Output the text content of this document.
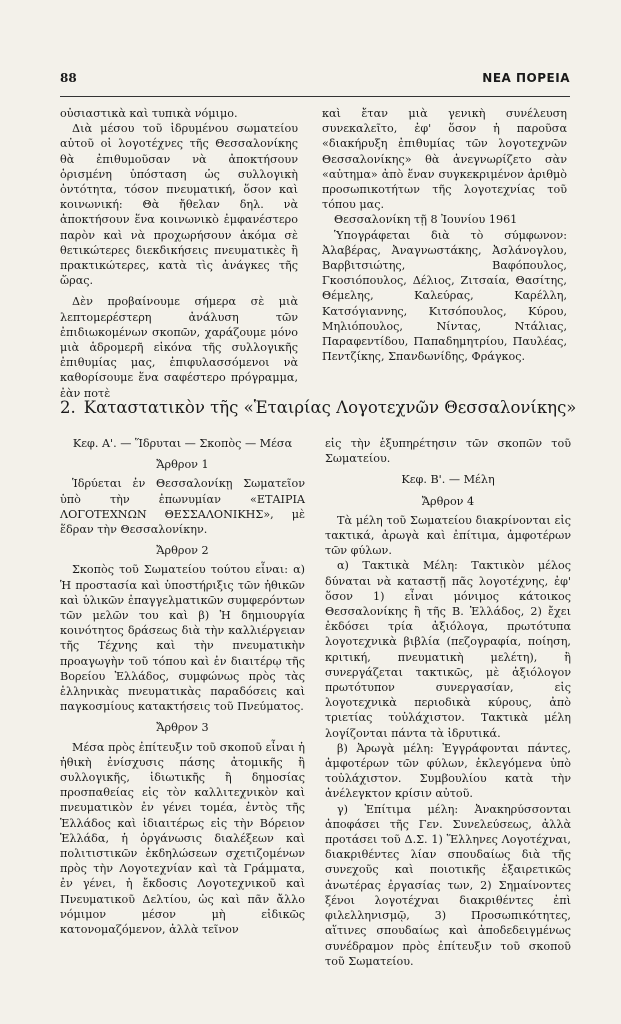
88	ΝΕΑ ΠΟΡΕΙΑ

οὐσιαστικὰ καὶ τυπικὰ νόμιμο.

Διὰ μέσου τοῦ ἱδρυμένου σωματείου αὐτοῦ οἱ λογοτέχνες τῆς Θεσσαλονίκης θὰ ἐπιθυμοῦσαν νὰ ἀποκτήσουν ὁρισμένη ὑπόσταση ὡς συλλογικὴ ὀντότητα, τόσον πνευματική, ὅσον καὶ κοινωνική: Θὰ ἤθελαν δηλ. νὰ ἀποκτήσουν ἕνα κοινωνικὸ ἐμφανέστερο παρὸν καὶ νὰ προχωρήσουν ἀκόμα σὲ θετικώτερες διεκδικήσεις πνευματικὲς ἢ πρακτικώτερες, κατὰ τὶς ἀνάγκες τῆς ὥρας.

Δὲν προβαίνουμε σήμερα σὲ μιὰ λεπτομερέστερη ἀνάλυση τῶν ἐπιδιωκομένων σκοπῶν, χαράζουμε μόνο μιὰ ἁδρομερῆ εἰκόνα τῆς συλλογικῆς ἐπιθυμίας μας, ἐπιφυλασσόμενοι νὰ καθορίσουμε ἕνα σαφέστερο πρόγραμμα, ἐὰν ποτὲ

καὶ ἔταν μιὰ γενικὴ συνέλευση συνεκαλεῖτο, ἐφ' ὅσον ἡ παροῦσα «διακήρυξη ἐπιθυμίας τῶν λογοτεχνῶν Θεσσαλονίκης» θὰ ἀνεγνωρίζετο σὰν «αὐτημα» ἀπὸ ἕναν συγκεκριμένον ἀριθμὸ προσωπικοτήτων τῆς λογοτεχνίας τοῦ τόπου μας.

Θεσσαλονίκη τῇ 8 Ἰουνίου 1961

Ὑπογράφεται διὰ τὸ σύμφωνον: Ἀλαβέρας, Ἀναγνωστάκης, Ἀσλάνογλου, Βαρβιτσιώτης, Βαφόπουλος, Γκοσιόπουλος, Δέλιος, Ζιτσαία, Θασίτης, Θέμελης, Καλεύρας, Καρέλλη, Κατσόγιαννης, Κιτσόπουλος, Κύρου, Μηλιόπουλος, Νίντας, Ντάλιας, Παραφεντίδου, Παπαδημητρίου, Παυλέας, Πεντζίκης, Σπανδωνίδης, Φράγκος.

2. Καταστατικὸν τῆς «Ἑταιρίας Λογοτεχνῶν Θεσσαλονίκης»

Κεφ. Α'. — Ἵδρυται — Σκοπὸς — Μέσα

Ἄρθρον 1

Ἱδρύεται ἐν Θεσσαλονίκῃ Σωματεῖον ὑπὸ τὴν ἐπωνυμίαν «ΕΤΑΙΡΙΑ ΛΟΓΟΤΕΧΝΩΝ ΘΕΣΣΑΛΟΝΙΚΗΣ», μὲ ἕδραν τὴν Θεσσαλονίκην.

Ἄρθρον 2

Σκοπὸς τοῦ Σωματείου τούτου εἶναι: α) Ἡ προστασία καὶ ὑποστήριξις τῶν ἠθικῶν καὶ ὑλικῶν ἐπαγγελματικῶν συμφερόντων τῶν μελῶν του καὶ β) Ἡ δημιουργία κοινότητος δράσεως διὰ τὴν καλλιέργειαν τῆς Τέχνης καὶ τὴν πνευματικὴν προαγωγὴν τοῦ τόπου καὶ ἐν διαιτέρῳ τῆς Βορείου Ἑλλάδος, συμφώνως πρὸς τὰς ἑλληνικὰς πνευματικὰς παραδόσεις καὶ παγκοσμίους κατακτήσεις τοῦ Πνεύματος.

Ἄρθρον 3

Μέσα πρὸς ἐπίτευξιν τοῦ σκοποῦ εἶναι ἡ ἠθικὴ ἐνίσχυσις πάσης ἀτομικῆς ἢ συλλογικῆς, ἰδιωτικῆς ἢ δημοσίας προσπαθείας εἰς τὸν καλλιτεχνικὸν καὶ πνευματικὸν ἐν γένει τομέα, ἐντὸς τῆς Ἑλλάδος καὶ ἰδιαιτέρως εἰς τὴν Βόρειον Ἑλλάδα, ἡ ὀργάνωσις διαλέξεων καὶ πολιτιστικῶν ἐκδηλώσεων σχετιζομένων πρὸς τὴν Λογοτεχνίαν καὶ τὰ Γράμματα, ἐν γένει, ἡ ἔκδοσις Λογοτεχνικοῦ καὶ Πνευματικοῦ Δελτίου, ὡς καὶ πᾶν ἄλλο νόμιμον μέσον μὴ εἰδικῶς κατονομαζόμενον, ἀλλὰ τεῖνον

εἰς τὴν ἐξυπηρέτησιν τῶν σκοπῶν τοῦ Σωματείου.

Κεφ. Β'. — Μέλη

Ἄρθρον 4

Τὰ μέλη τοῦ Σωματείου διακρίνονται εἰς τακτικά, ἀρωγὰ καὶ ἐπίτιμα, ἀμφοτέρων τῶν φύλων.

α) Τακτικὰ Μέλη: Τακτικὸν μέλος δύναται νὰ καταστῇ πᾶς λογοτέχνης, ἐφ' ὅσον 1) εἶναι μόνιμος κάτοικος Θεσσαλονίκης ἢ τῆς Β. Ἑλλάδος, 2) ἔχει ἐκδόσει τρία ἀξιόλογα, πρωτότυπα λογοτεχνικὰ βιβλία (πεζογραφία, ποίηση, κριτική, πνευματικὴ μελέτη), ἢ συνεργάζεται τακτικῶς, μὲ ἀξιόλογον πρωτότυπον συνεργασίαν, εἰς λογοτεχνικὰ περιοδικὰ κύρους, ἀπὸ τριετίας τοὐλάχιστον. Τακτικὰ μέλη λογίζονται πάντα τὰ ἱδρυτικά.

β) Ἀρωγὰ μέλη: Ἐγγράφονται πάντες, ἀμφοτέρων τῶν φύλων, ἐκλεγόμενα ὑπὸ τοὐλάχιστον. Συμβουλίου κατὰ τὴν ἀνέλεγκτον κρίσιν αὐτοῦ.

γ) Ἐπίτιμα μέλη: Ἀνακηρύσσονται ἀποφάσει τῆς Γεν. Συνελεύσεως, ἀλλὰ προτάσει τοῦ Δ.Σ. 1) Ἕλληνες Λογοτέχναι, διακριθέντες λίαν σπουδαίως διὰ τῆς συνεχοῦς καὶ ποιοτικῆς ἐξαιρετικῶς ἀνωτέρας ἐργασίας των, 2) Σημαίνοντες ξένοι λογοτέχναι διακριθέντες ἐπὶ φιλελληνισμῷ, 3) Προσωπικότητες, αἵτινες σπουδαίως καὶ ἀποδεδειγμένως συνέδραμον πρὸς ἐπίτευξιν τοῦ σκοποῦ τοῦ Σωματείου.
